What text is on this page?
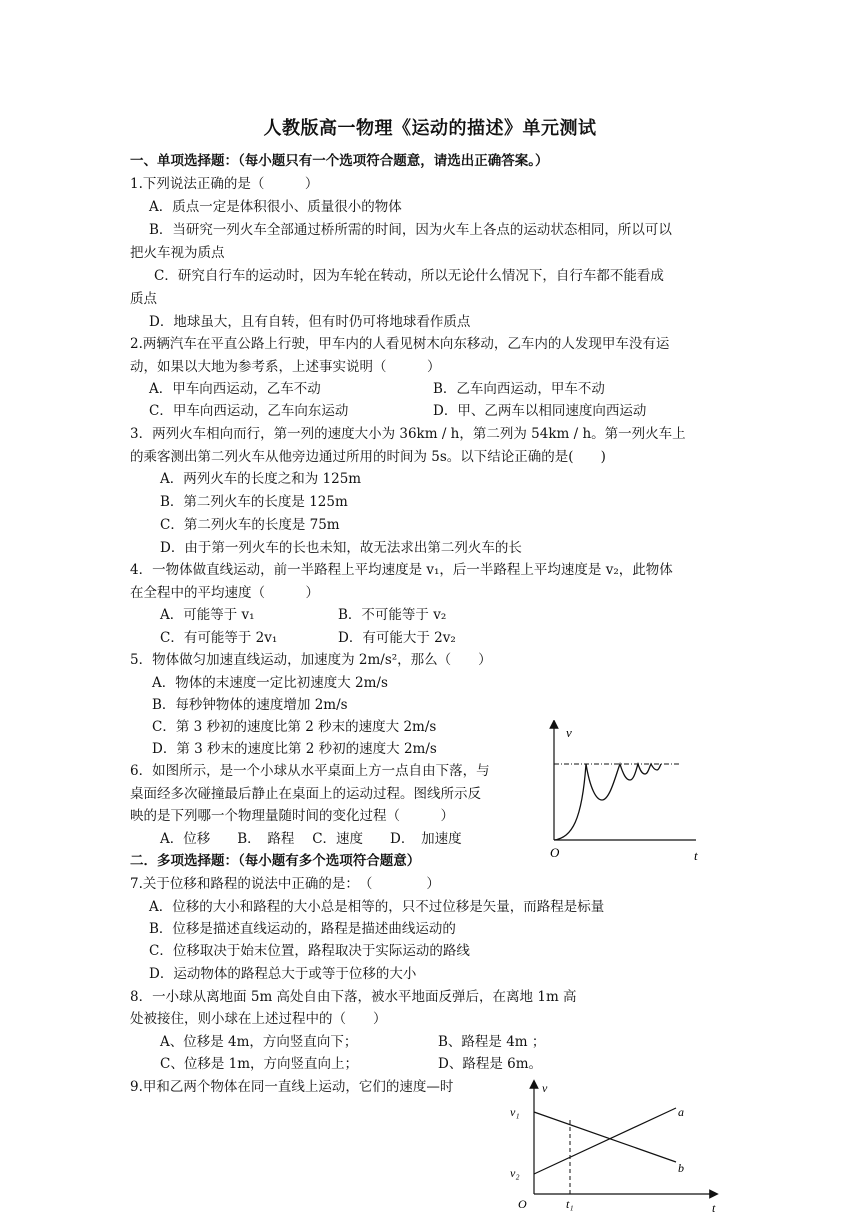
人教版高一物理《运动的描述》单元测试
一、单项选择题：（每小题只有一个选项符合题意，请选出正确答案。）
1.下列说法正确的是（　　　）
A．质点一定是体积很小、质量很小的物体
B．当研究一列火车全部通过桥所需的时间，因为火车上各点的运动状态相同，所以可以
把火车视为质点
C．研究自行车的运动时，因为车轮在转动，所以无论什么情况下，自行车都不能看成
质点
D．地球虽大，且有自转，但有时仍可将地球看作质点
2.两辆汽车在平直公路上行驶，甲车内的人看见树木向东移动，乙车内的人发现甲车没有运
动，如果以大地为参考系，上述事实说明（　　　）
A．甲车向西运动，乙车不动	B．乙车向西运动，甲车不动
C．甲车向西运动，乙车向东运动	D．甲、乙两车以相同速度向西运动
3．两列火车相向而行，第一列的速度大小为 36km / h，第二列为 54km / h。第一列火车上
的乘客测出第二列火车从他旁边通过所用的时间为 5s。以下结论正确的是(　　)
A．两列火车的长度之和为 125m
B．第二列火车的长度是 125m
C．第二列火车的长度是 75m
D．由于第一列火车的长也未知，故无法求出第二列火车的长
4．一物体做直线运动，前一半路程上平均速度是 v₁，后一半路程上平均速度是 v₂，此物体
在全程中的平均速度（　　　）
A．可能等于 v₁	B．不可能等于 v₂
C．有可能等于 2v₁	D．有可能大于 2v₂
5．物体做匀加速直线运动，加速度为 2m/s²，那么（　　）
A．物体的末速度一定比初速度大 2m/s
B．每秒钟物体的速度增加 2m/s
C．第 3 秒初的速度比第 2 秒末的速度大 2m/s
D．第 3 秒末的速度比第 2 秒初的速度大 2m/s
6．如图所示，是一个小球从水平桌面上方一点自由下落，与
桌面经多次碰撞最后静止在桌面上的运动过程。图线所示反
映的是下列哪一个物理量随时间的变化过程（　　　）
A．位移　　B．　路程　 C．速度　　D．　加速度
v
O	t
二．多项选择题：（每小题有多个选项符合题意）
7.关于位移和路程的说法中正确的是：　（　　　　）
A．位移的大小和路程的大小总是相等的，只不过位移是矢量，而路程是标量
B．位移是描述直线运动的，路程是描述曲线运动的
C．位移取决于始末位置，路程取决于实际运动的路线
D．运动物体的路程总大于或等于位移的大小
8．一小球从离地面 5m 高处自由下落，被水平地面反弹后，在离地 1m 高
处被接住，则小球在上述过程中的（　　）
A、位移是 4m，方向竖直向下；	B、路程是 4m ；
C、位移是 1m，方向竖直向上；	D、路程是 6m。
9.甲和乙两个物体在同一直线上运动，它们的速度—时	v
v₁
v₂
O	t₁	t
a
b
